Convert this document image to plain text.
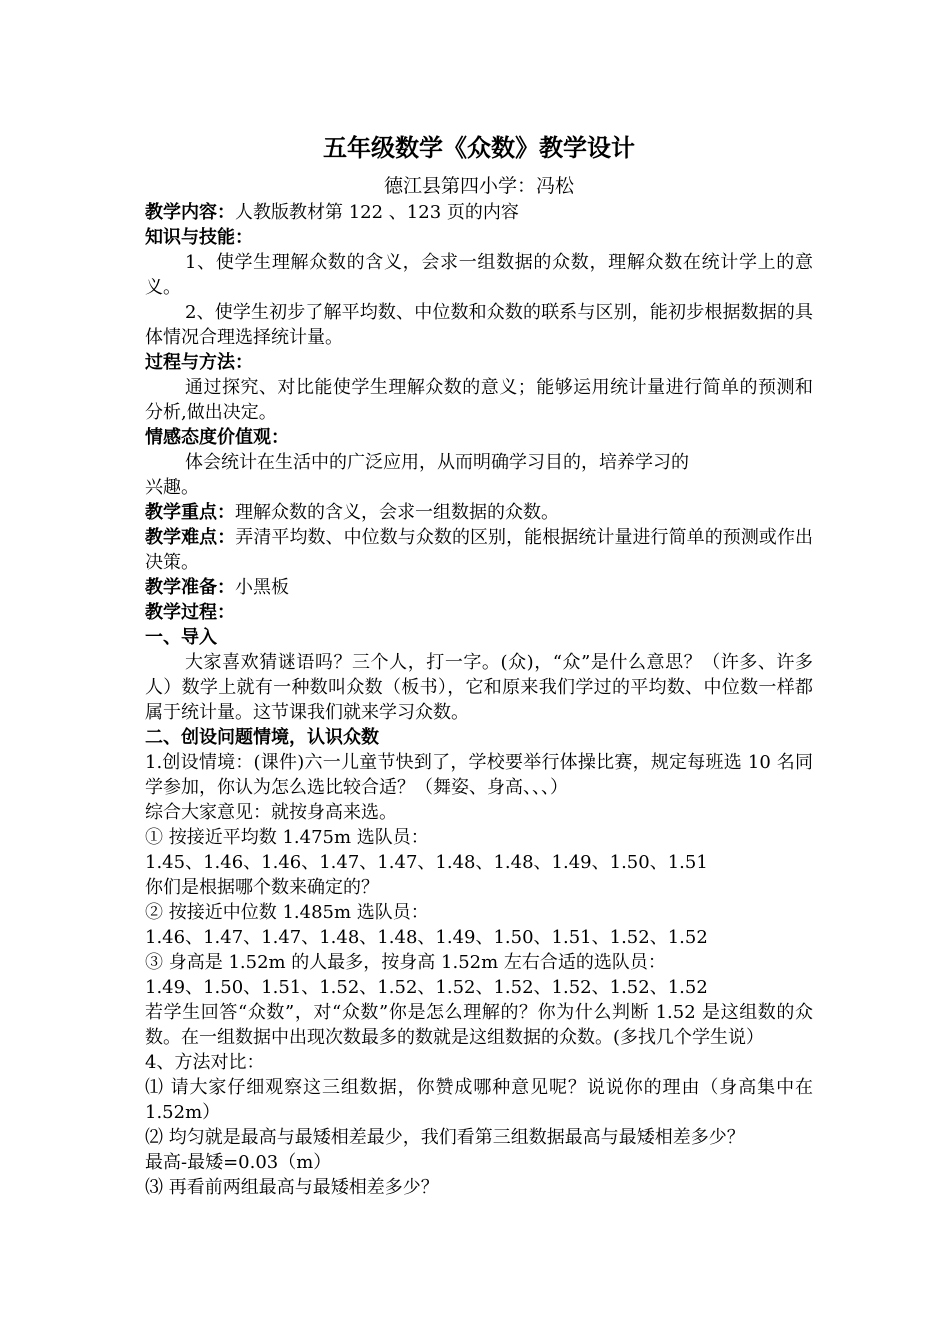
五年级数学《众数》教学设计
德江县第四小学：冯松
教学内容：人教版教材第 122 、123 页的内容
知识与技能：
1、使学生理解众数的含义，会求一组数据的众数，理解众数在统计学上的意义。
2、使学生初步了解平均数、中位数和众数的联系与区别，能初步根据数据的具体情况合理选择统计量。
过程与方法：
通过探究、对比能使学生理解众数的意义；能够运用统计量进行简单的预测和分析,做出决定。
情感态度价值观：
体会统计在生活中的广泛应用，从而明确学习目的，培养学习的
兴趣。
教学重点：理解众数的含义，会求一组数据的众数。
教学难点：弄清平均数、中位数与众数的区别，能根据统计量进行简单的预测或作出决策。
教学准备：小黑板
教学过程：
一、导入
大家喜欢猜谜语吗？三个人，打一字。(众)，“众”是什么意思？（许多、许多人）数学上就有一种数叫众数（板书），它和原来我们学过的平均数、中位数一样都属于统计量。这节课我们就来学习众数。
二、创设问题情境，认识众数
1.创设情境：(课件)六一儿童节快到了，学校要举行体操比赛，规定每班选 10 名同学参加，你认为怎么选比较合适？（舞姿、身高、、、）
综合大家意见：就按身高来选。
① 按接近平均数 1.475m 选队员：
1.45、1.46、1.46、1.47、1.47、1.48、1.48、1.49、1.50、1.51
你们是根据哪个数来确定的？
② 按接近中位数 1.485m 选队员：
1.46、1.47、1.47、1.48、1.48、1.49、1.50、1.51、1.52、1.52
③ 身高是 1.52m 的人最多，按身高 1.52m 左右合适的选队员：
1.49、1.50、1.51、1.52、1.52、1.52、1.52、1.52、1.52、1.52
若学生回答“众数”，对“众数”你是怎么理解的？你为什么判断 1.52 是这组数的众数。在一组数据中出现次数最多的数就是这组数据的众数。(多找几个学生说）
4、方法对比：
⑴ 请大家仔细观察这三组数据，你赞成哪种意见呢？说说你的理由（身高集中在 1.52m）
⑵ 均匀就是最高与最矮相差最少，我们看第三组数据最高与最矮相差多少？
最高-最矮=0.03（m）
⑶ 再看前两组最高与最矮相差多少？
